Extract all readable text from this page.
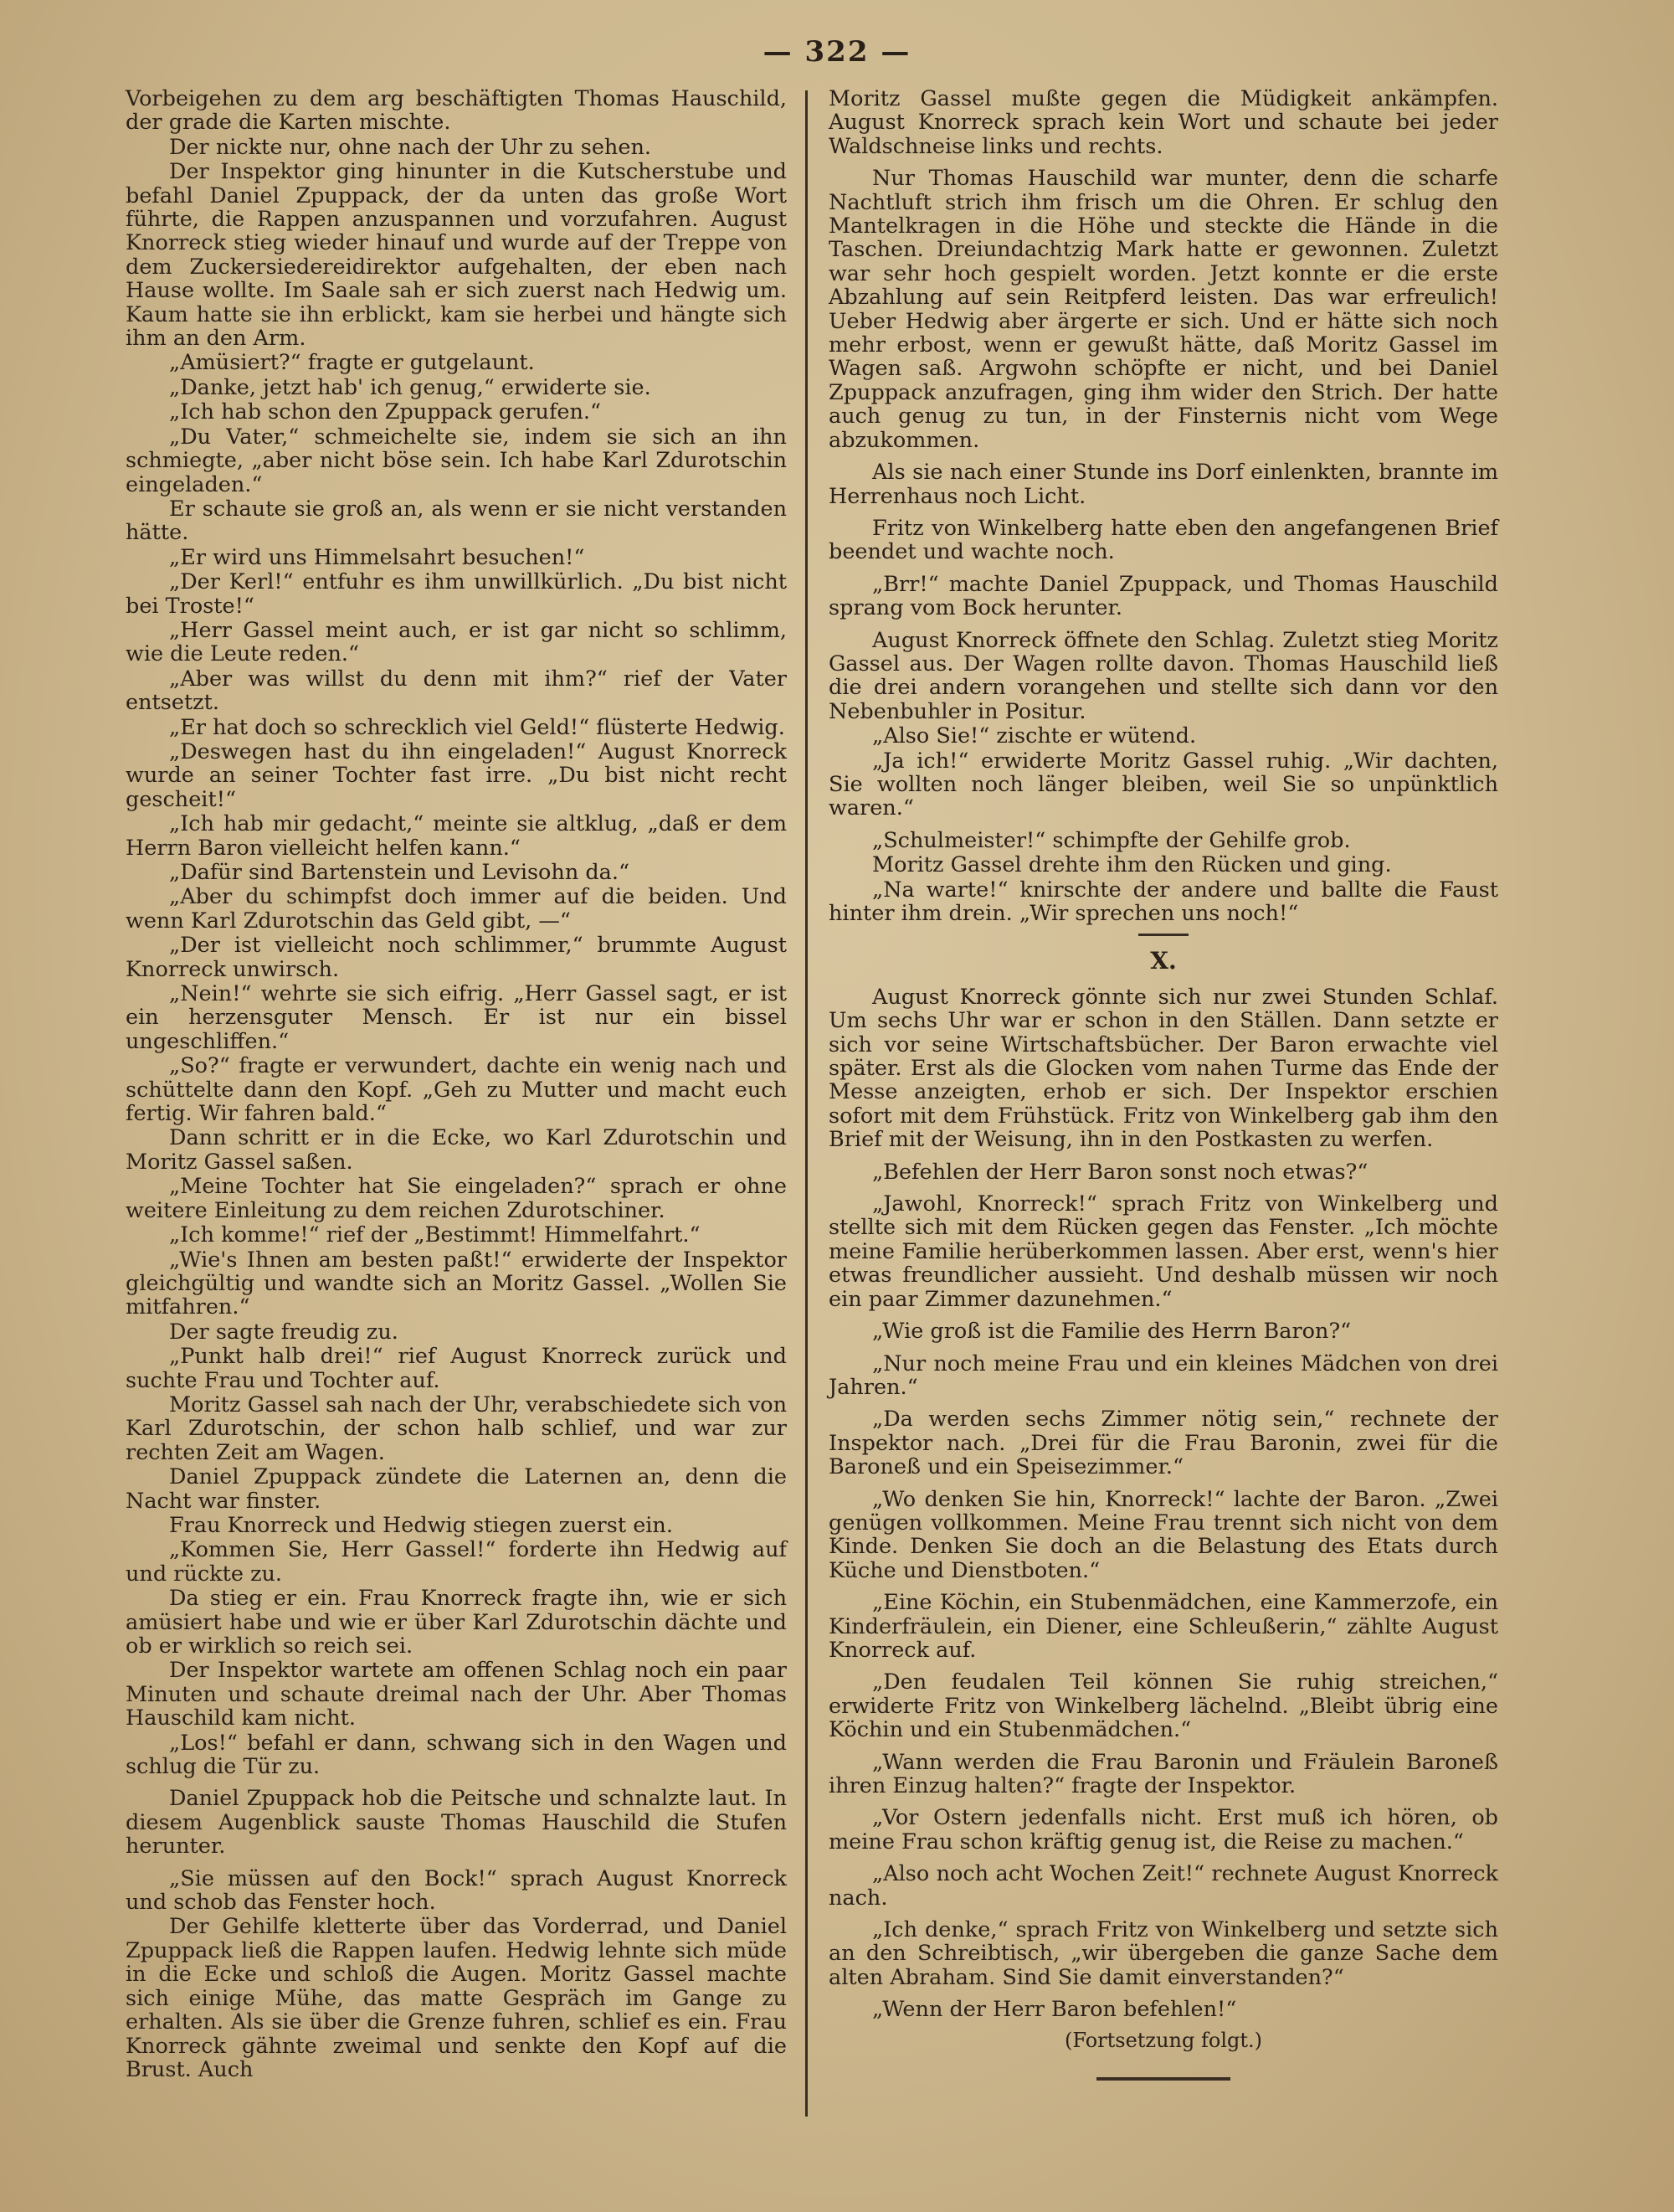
— 322 —

Vorbeigehen zu dem arg beschäftigten Thomas Hauschild, der grade die Karten mischte.

Der nickte nur, ohne nach der Uhr zu sehen.

Der Inspektor ging hinunter in die Kutscherstube und befahl Daniel Zpuppack, der da unten das große Wort führte, die Rappen anzuspannen und vorzufahren. August Knorreck stieg wieder hinauf und wurde auf der Treppe von dem Zuckersiedereidirektor aufgehalten, der eben nach Hause wollte. Im Saale sah er sich zuerst nach Hedwig um. Kaum hatte sie ihn erblickt, kam sie herbei und hängte sich ihm an den Arm.

„Amüsiert?“ fragte er gutgelaunt.

„Danke, jetzt hab' ich genug,“ erwiderte sie.

„Ich hab schon den Zpuppack gerufen.“

„Du Vater,“ schmeichelte sie, indem sie sich an ihn schmiegte, „aber nicht böse sein. Ich habe Karl Zdurotschin eingeladen.“

Er schaute sie groß an, als wenn er sie nicht verstanden hätte.

„Er wird uns Himmelsahrt besuchen!“

„Der Kerl!“ entfuhr es ihm unwillkürlich. „Du bist nicht bei Troste!“

„Herr Gassel meint auch, er ist gar nicht so schlimm, wie die Leute reden.“

„Aber was willst du denn mit ihm?“ rief der Vater entsetzt.

„Er hat doch so schrecklich viel Geld!“ flüsterte Hedwig.

„Deswegen hast du ihn eingeladen!“ August Knorreck wurde an seiner Tochter fast irre. „Du bist nicht recht gescheit!“

„Ich hab mir gedacht,“ meinte sie altklug, „daß er dem Herrn Baron vielleicht helfen kann.“

„Dafür sind Bartenstein und Levisohn da.“

„Aber du schimpfst doch immer auf die beiden. Und wenn Karl Zdurotschin das Geld gibt, —“

„Der ist vielleicht noch schlimmer,“ brummte August Knorreck unwirsch.

„Nein!“ wehrte sie sich eifrig. „Herr Gassel sagt, er ist ein herzensguter Mensch. Er ist nur ein bissel ungeschliffen.“

„So?“ fragte er verwundert, dachte ein wenig nach und schüttelte dann den Kopf. „Geh zu Mutter und macht euch fertig. Wir fahren bald.“

Dann schritt er in die Ecke, wo Karl Zdurotschin und Moritz Gassel saßen.

„Meine Tochter hat Sie eingeladen?“ sprach er ohne weitere Einleitung zu dem reichen Zdurotschiner.

„Ich komme!“ rief der „Bestimmt! Himmelfahrt.“

„Wie's Ihnen am besten paßt!“ erwiderte der Inspektor gleichgültig und wandte sich an Moritz Gassel. „Wollen Sie mitfahren.“

Der sagte freudig zu.

„Punkt halb drei!“ rief August Knorreck zurück und suchte Frau und Tochter auf.

Moritz Gassel sah nach der Uhr, verabschiedete sich von Karl Zdurotschin, der schon halb schlief, und war zur rechten Zeit am Wagen.

Daniel Zpuppack zündete die Laternen an, denn die Nacht war finster.

Frau Knorreck und Hedwig stiegen zuerst ein.

„Kommen Sie, Herr Gassel!“ forderte ihn Hedwig auf und rückte zu.

Da stieg er ein. Frau Knorreck fragte ihn, wie er sich amüsiert habe und wie er über Karl Zdurotschin dächte und ob er wirklich so reich sei.

Der Inspektor wartete am offenen Schlag noch ein paar Minuten und schaute dreimal nach der Uhr. Aber Thomas Hauschild kam nicht.

„Los!“ befahl er dann, schwang sich in den Wagen und schlug die Tür zu.

Daniel Zpuppack hob die Peitsche und schnalzte laut. In diesem Augenblick sauste Thomas Hauschild die Stufen herunter.

„Sie müssen auf den Bock!“ sprach August Knorreck und schob das Fenster hoch.

Der Gehilfe kletterte über das Vorderrad, und Daniel Zpuppack ließ die Rappen laufen. Hedwig lehnte sich müde in die Ecke und schloß die Augen. Moritz Gassel machte sich einige Mühe, das matte Gespräch im Gange zu erhalten. Als sie über die Grenze fuhren, schlief es ein. Frau Knorreck gähnte zweimal und senkte den Kopf auf die Brust. Auch

Moritz Gassel mußte gegen die Müdigkeit ankämpfen. August Knorreck sprach kein Wort und schaute bei jeder Waldschneise links und rechts.

Nur Thomas Hauschild war munter, denn die scharfe Nachtluft strich ihm frisch um die Ohren. Er schlug den Mantelkragen in die Höhe und steckte die Hände in die Taschen. Dreiundachtzig Mark hatte er gewonnen. Zuletzt war sehr hoch gespielt worden. Jetzt konnte er die erste Abzahlung auf sein Reitpferd leisten. Das war erfreulich! Ueber Hedwig aber ärgerte er sich. Und er hätte sich noch mehr erbost, wenn er gewußt hätte, daß Moritz Gassel im Wagen saß. Argwohn schöpfte er nicht, und bei Daniel Zpuppack anzufragen, ging ihm wider den Strich. Der hatte auch genug zu tun, in der Finsternis nicht vom Wege abzukommen.

Als sie nach einer Stunde ins Dorf einlenkten, brannte im Herrenhaus noch Licht.

Fritz von Winkelberg hatte eben den angefangenen Brief beendet und wachte noch.

„Brr!“ machte Daniel Zpuppack, und Thomas Hauschild sprang vom Bock herunter.

August Knorreck öffnete den Schlag. Zuletzt stieg Moritz Gassel aus. Der Wagen rollte davon. Thomas Hauschild ließ die drei andern vorangehen und stellte sich dann vor den Nebenbuhler in Positur.

„Also Sie!“ zischte er wütend.

„Ja ich!“ erwiderte Moritz Gassel ruhig. „Wir dachten, Sie wollten noch länger bleiben, weil Sie so unpünktlich waren.“

„Schulmeister!“ schimpfte der Gehilfe grob.

Moritz Gassel drehte ihm den Rücken und ging.

„Na warte!“ knirschte der andere und ballte die Faust hinter ihm drein. „Wir sprechen uns noch!“

X.

August Knorreck gönnte sich nur zwei Stunden Schlaf. Um sechs Uhr war er schon in den Ställen. Dann setzte er sich vor seine Wirtschaftsbücher. Der Baron erwachte viel später. Erst als die Glocken vom nahen Turme das Ende der Messe anzeigten, erhob er sich. Der Inspektor erschien sofort mit dem Frühstück. Fritz von Winkelberg gab ihm den Brief mit der Weisung, ihn in den Postkasten zu werfen.

„Befehlen der Herr Baron sonst noch etwas?“

„Jawohl, Knorreck!“ sprach Fritz von Winkelberg und stellte sich mit dem Rücken gegen das Fenster. „Ich möchte meine Familie herüberkommen lassen. Aber erst, wenn's hier etwas freundlicher aussieht. Und deshalb müssen wir noch ein paar Zimmer dazunehmen.“

„Wie groß ist die Familie des Herrn Baron?“

„Nur noch meine Frau und ein kleines Mädchen von drei Jahren.“

„Da werden sechs Zimmer nötig sein,“ rechnete der Inspektor nach. „Drei für die Frau Baronin, zwei für die Baroneß und ein Speisezimmer.“

„Wo denken Sie hin, Knorreck!“ lachte der Baron. „Zwei genügen vollkommen. Meine Frau trennt sich nicht von dem Kinde. Denken Sie doch an die Belastung des Etats durch Küche und Dienstboten.“

„Eine Köchin, ein Stubenmädchen, eine Kammerzofe, ein Kinderfräulein, ein Diener, eine Schleußerin,“ zählte August Knorreck auf.

„Den feudalen Teil können Sie ruhig streichen,“ erwiderte Fritz von Winkelberg lächelnd. „Bleibt übrig eine Köchin und ein Stubenmädchen.“

„Wann werden die Frau Baronin und Fräulein Baroneß ihren Einzug halten?“ fragte der Inspektor.

„Vor Ostern jedenfalls nicht. Erst muß ich hören, ob meine Frau schon kräftig genug ist, die Reise zu machen.“

„Also noch acht Wochen Zeit!“ rechnete August Knorreck nach.

„Ich denke,“ sprach Fritz von Winkelberg und setzte sich an den Schreibtisch, „wir übergeben die ganze Sache dem alten Abraham. Sind Sie damit einverstanden?“

„Wenn der Herr Baron befehlen!“

(Fortsetzung folgt.)
